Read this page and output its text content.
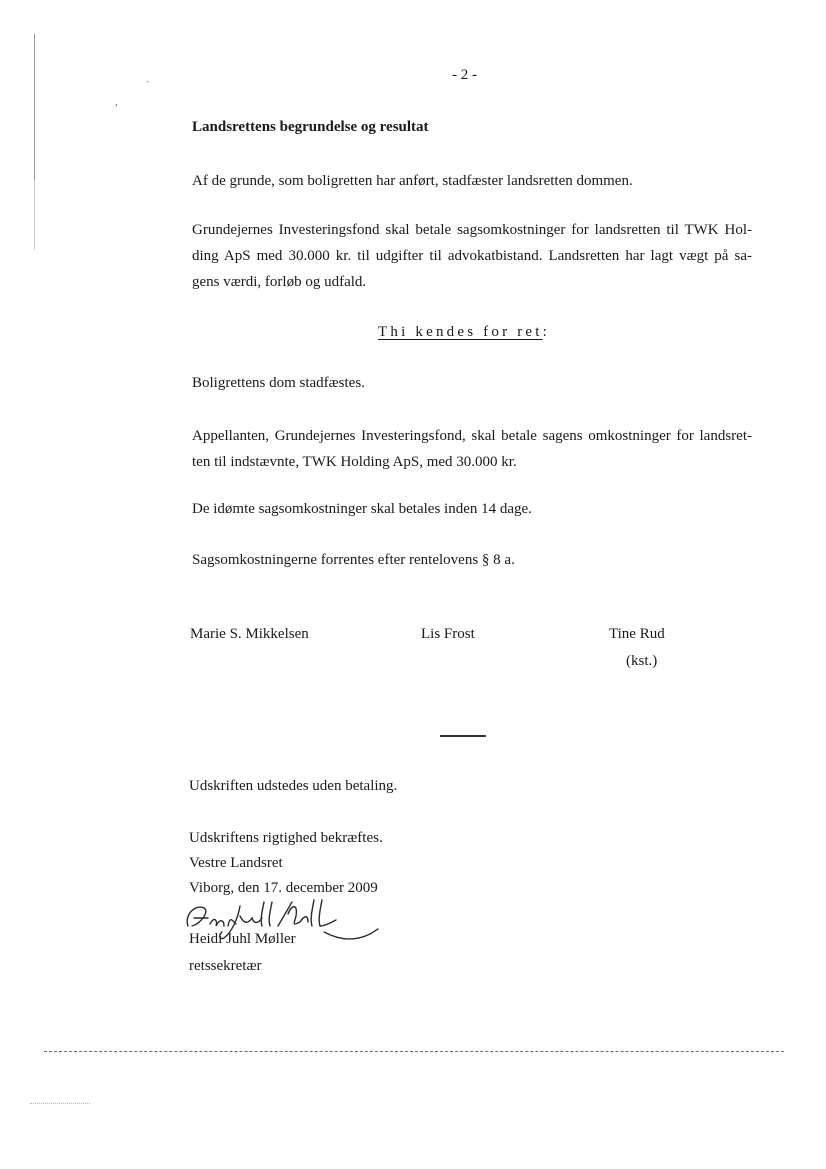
ˎ
,
- 2 -
Landsrettens begrundelse og resultat
Af de grunde, som boligretten har anført, stadfæster landsretten dommen.
Grundejernes Investeringsfond skal betale sagsomkostninger for landsretten til TWK Hol-
ding ApS med 30.000 kr. til udgifter til advokatbistand. Landsretten har lagt vægt på sa-
gens værdi, forløb og udfald.
Thi kendes for ret:
Boligrettens dom stadfæstes.
Appellanten, Grundejernes Investeringsfond, skal betale sagens omkostninger for landsret-
ten til indstævnte, TWK Holding ApS, med 30.000 kr.
De idømte sagsomkostninger skal betales inden 14 dage.
Sagsomkostningerne forrentes efter rentelovens § 8 a.
Marie S. Mikkelsen	Lis Frost	Tine Rud
(kst.)
Udskriften udstedes uden betaling.
Udskriftens rigtighed bekræftes.
Vestre Landsret
Viborg, den 17. december 2009
Heidi Juhl Møller
retssekretær
